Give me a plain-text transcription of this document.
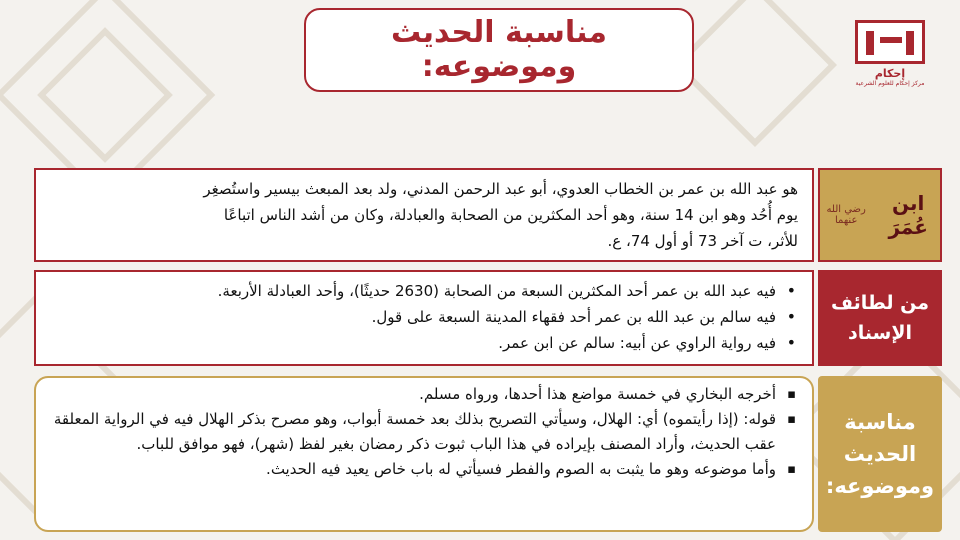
مناسبة الحديث
وموضوعه:	إحكام
مركز إحكام للعلوم الشرعية
هو عبد الله بن عمر بن الخطاب العدوي، أبو عبد الرحمن المدني، ولد بعد المبعث بيسير واستُصغِر
يوم أُحُد وهو ابن 14 سنة، وهو أحد المكثرين من الصحابة والعبادلة، وكان من أشد الناس اتباعًا
للأثر، ت آخر 73 أو أول 74، ع.
ابن عُمَرَ
رضي الله عنهما
• فيه عبد الله بن عمر أحد المكثرين السبعة من الصحابة (2630 حديثًا)، وأحد العبادلة الأربعة.
• فيه سالم بن عبد الله بن عمر أحد فقهاء المدينة السبعة على قول.
• فيه رواية الراوي عن أبيه: سالم عن ابن عمر.
من لطائف
الإسناد
▪ أخرجه البخاري في خمسة مواضع هذا أحدها، ورواه مسلم.
▪ قوله: (إذا رأيتموه) أي: الهلال، وسيأتي التصريح بذلك بعد خمسة أبواب، وهو مصرح بذكر الهلال فيه في الرواية المعلقة عقب الحديث، وأراد المصنف بإيراده في هذا الباب ثبوت ذكر رمضان بغير لفظ (شهر)، فهو موافق للباب.
▪ وأما موضوعه وهو ما يثبت به الصوم والفطر فسيأتي له باب خاص يعيد فيه الحديث.
مناسبة
الحديث
وموضوعه:
